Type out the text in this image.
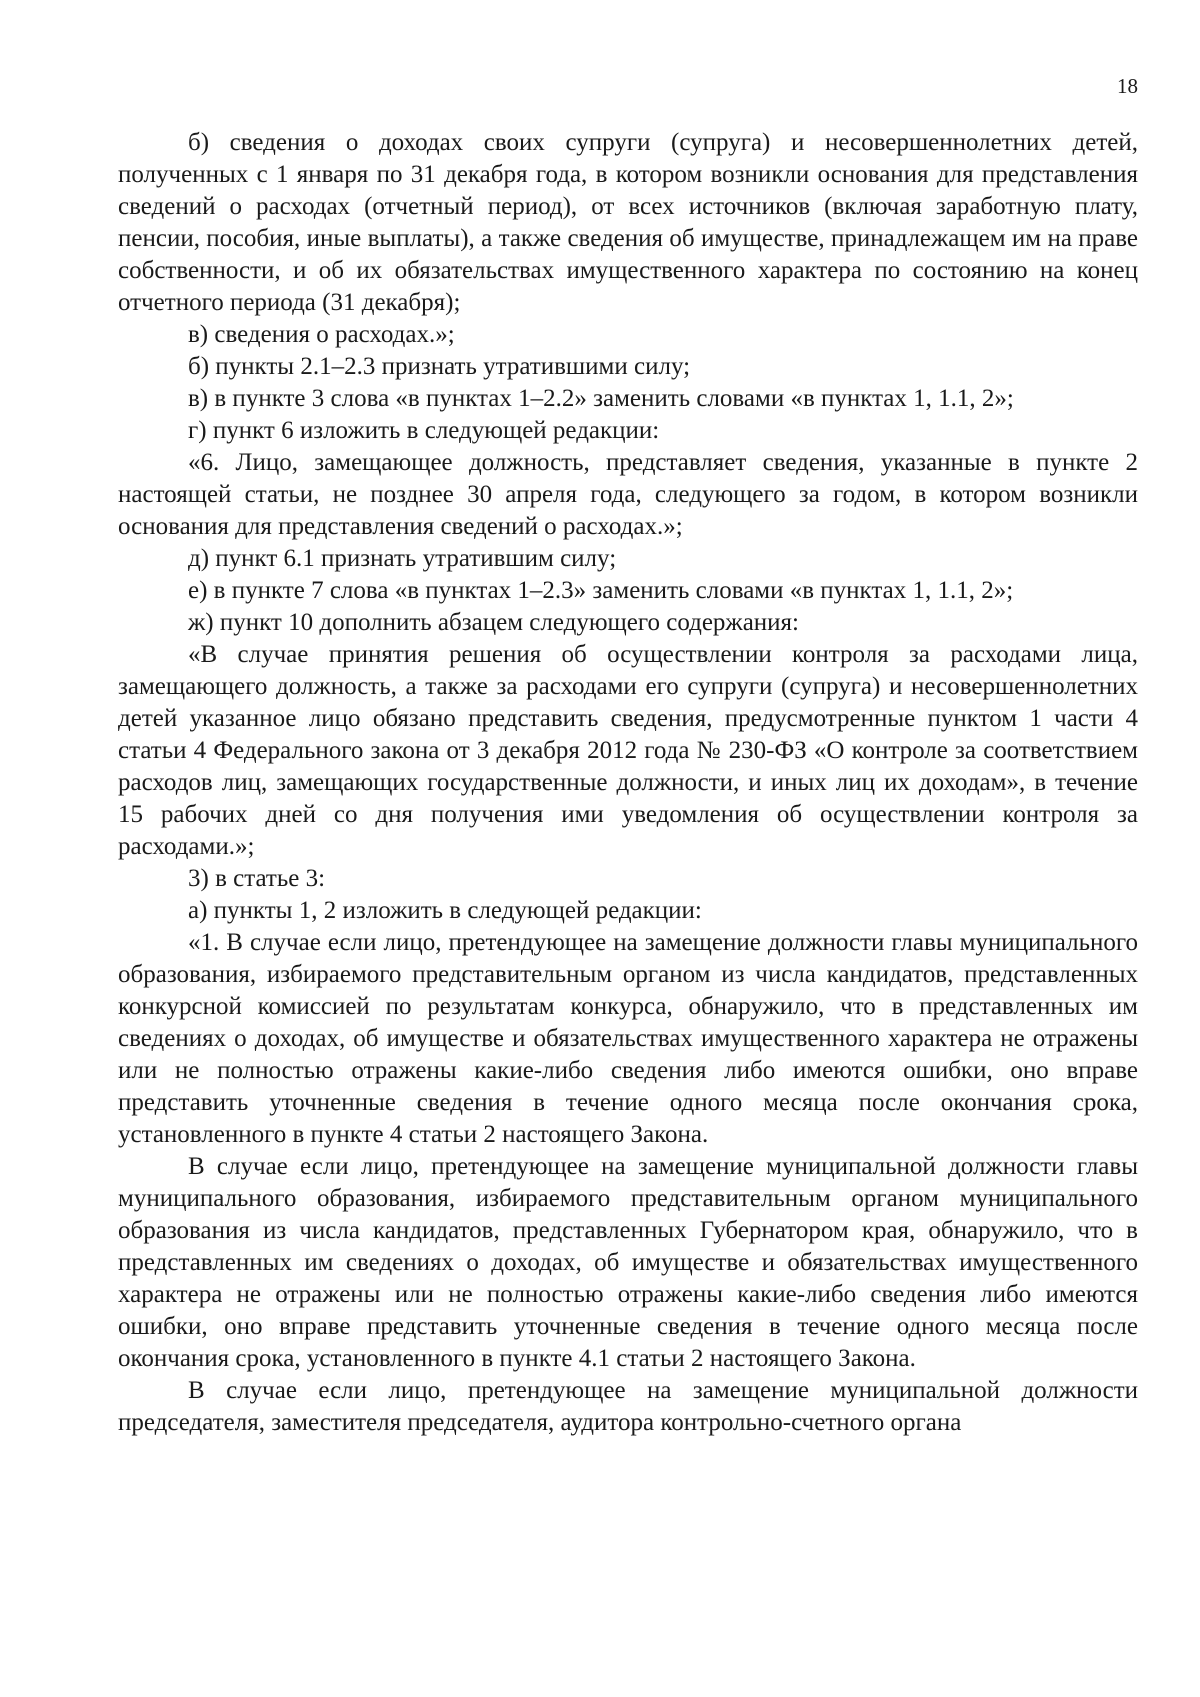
18

б) сведения о доходах своих супруги (супруга) и несовершеннолетних детей, полученных с 1 января по 31 декабря года, в котором возникли основания для представления сведений о расходах (отчетный период), от всех источников (включая заработную плату, пенсии, пособия, иные выплаты), а также сведения об имуществе, принадлежащем им на праве собственности, и об их обязательствах имущественного характера по состоянию на конец отчетного периода (31 декабря);

в) сведения о расходах.»;

б) пункты 2.1–2.3 признать утратившими силу;

в) в пункте 3 слова «в пунктах 1–2.2» заменить словами «в пунктах 1, 1.1, 2»;

г) пункт 6 изложить в следующей редакции:

«6. Лицо, замещающее должность, представляет сведения, указанные в пункте 2 настоящей статьи, не позднее 30 апреля года, следующего за годом, в котором возникли основания для представления сведений о расходах.»;

д) пункт 6.1 признать утратившим силу;

е) в пункте 7 слова «в пунктах 1–2.3» заменить словами «в пунктах 1, 1.1, 2»;

ж) пункт 10 дополнить абзацем следующего содержания:

«В случае принятия решения об осуществлении контроля за расходами лица, замещающего должность, а также за расходами его супруги (супруга) и несовершеннолетних детей указанное лицо обязано представить сведения, предусмотренные пунктом 1 части 4 статьи 4 Федерального закона от 3 декабря 2012 года № 230-ФЗ «О контроле за соответствием расходов лиц, замещающих государственные должности, и иных лиц их доходам», в течение 15 рабочих дней со дня получения ими уведомления об осуществлении контроля за расходами.»;

3) в статье 3:

а) пункты 1, 2 изложить в следующей редакции:

«1. В случае если лицо, претендующее на замещение должности главы муниципального образования, избираемого представительным органом из числа кандидатов, представленных конкурсной комиссией по результатам конкурса, обнаружило, что в представленных им сведениях о доходах, об имуществе и обязательствах имущественного характера не отражены или не полностью отражены какие-либо сведения либо имеются ошибки, оно вправе представить уточненные сведения в течение одного месяца после окончания срока, установленного в пункте 4 статьи 2 настоящего Закона.

В случае если лицо, претендующее на замещение муниципальной должности главы муниципального образования, избираемого представительным органом муниципального образования из числа кандидатов, представленных Губернатором края, обнаружило, что в представленных им сведениях о доходах, об имуществе и обязательствах имущественного характера не отражены или не полностью отражены какие-либо сведения либо имеются ошибки, оно вправе представить уточненные сведения в течение одного месяца после окончания срока, установленного в пункте 4.1 статьи 2 настоящего Закона.

В случае если лицо, претендующее на замещение муниципальной должности председателя, заместителя председателя, аудитора контрольно-счетного органа
